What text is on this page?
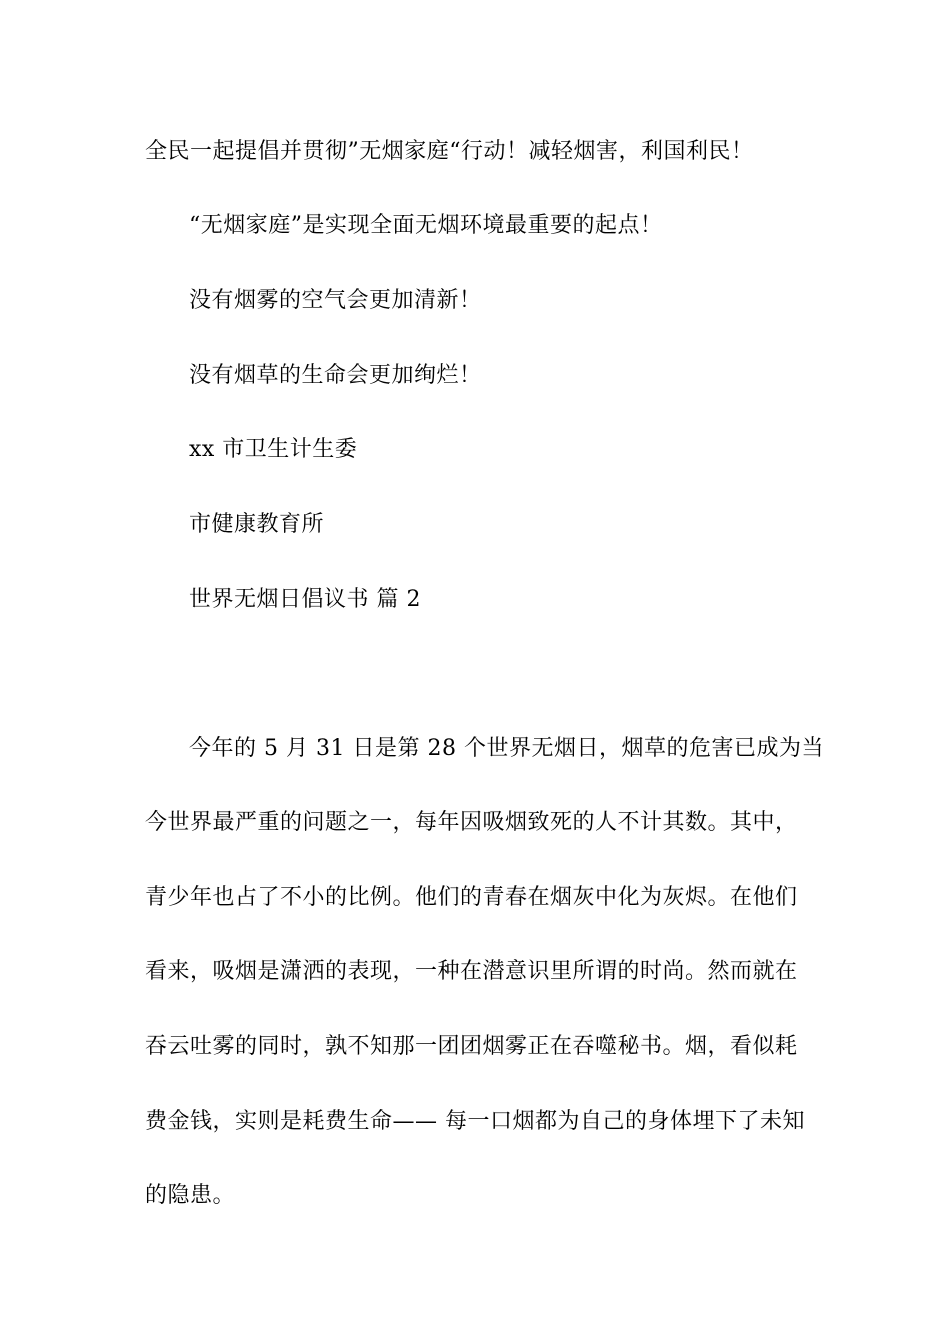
全民一起提倡并贯彻”无烟家庭“行动！减轻烟害，利国利民！
“无烟家庭”是实现全面无烟环境最重要的起点！
没有烟雾的空气会更加清新！
没有烟草的生命会更加绚烂！
xx 市卫生计生委
市健康教育所
世界无烟日倡议书 篇 2
今年的 5 月 31 日是第 28 个世界无烟日，烟草的危害已成为当
今世界最严重的问题之一，每年因吸烟致死的人不计其数。其中，
青少年也占了不小的比例。他们的青春在烟灰中化为灰烬。在他们
看来，吸烟是潇洒的表现，一种在潜意识里所谓的时尚。然而就在
吞云吐雾的同时，孰不知那一团团烟雾正在吞噬秘书。烟，看似耗
费金钱，实则是耗费生命—— 每一口烟都为自己的身体埋下了未知
的隐患。
